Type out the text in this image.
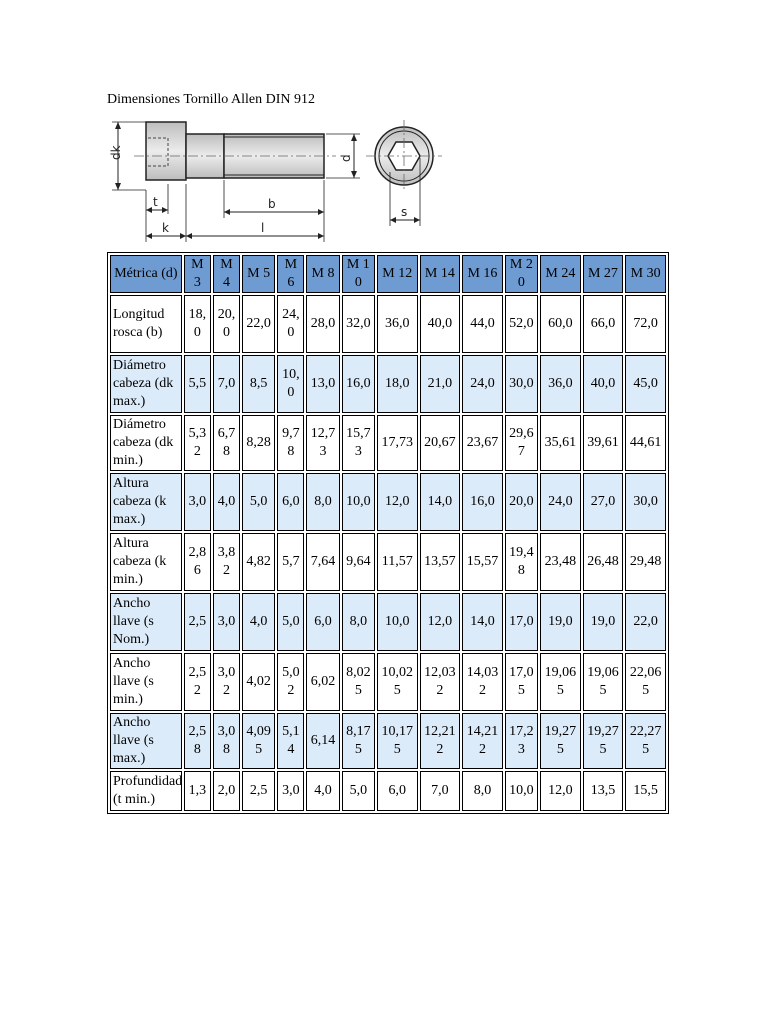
Dimensiones Tornillo Allen DIN 912
dk	d
t
k
b
l
s
Métrica (d)	M 3	M 4	M 5	M 6	M 8	M 10	M 12	M 14	M 16	M 20	M 24	M 27	M 30
Longitud rosca (b)	18,0	20,0	22,0	24,0	28,0	32,0	36,0	40,0	44,0	52,0	60,0	66,0	72,0
Diámetro cabeza (dk max.)	5,5	7,0	8,5	10,0	13,0	16,0	18,0	21,0	24,0	30,0	36,0	40,0	45,0
Diámetro cabeza (dk min.)	5,32	6,78	8,28	9,78	12,73	15,73	17,73	20,67	23,67	29,67	35,61	39,61	44,61
Altura cabeza (k max.)	3,0	4,0	5,0	6,0	8,0	10,0	12,0	14,0	16,0	20,0	24,0	27,0	30,0
Altura cabeza (k min.)	2,86	3,82	4,82	5,7	7,64	9,64	11,57	13,57	15,57	19,48	23,48	26,48	29,48
Ancho llave (s Nom.)	2,5	3,0	4,0	5,0	6,0	8,0	10,0	12,0	14,0	17,0	19,0	19,0	22,0
Ancho llave (s min.)	2,52	3,02	4,02	5,02	6,02	8,025	10,025	12,032	14,032	17,05	19,065	19,065	22,065
Ancho llave (s max.)	2,58	3,08	4,095	5,14	6,14	8,175	10,175	12,212	14,212	17,23	19,275	19,275	22,275
Profundidad (t min.)	1,3	2,0	2,5	3,0	4,0	5,0	6,0	7,0	8,0	10,0	12,0	13,5	15,5
